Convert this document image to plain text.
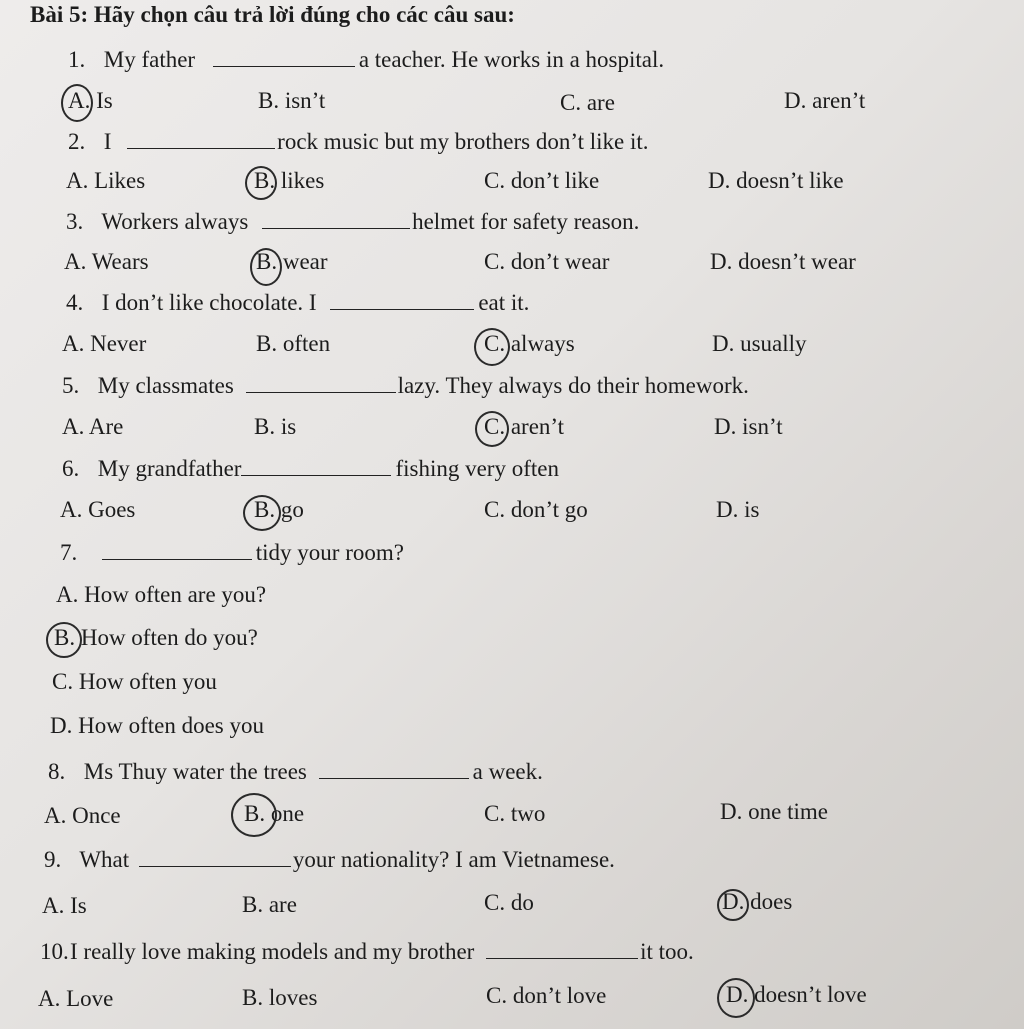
Bài 5: Hãy chọn câu trả lời đúng cho các câu sau:
1. My father	a teacher. He works in a hospital.
A. Is	B. isn’t	C. are	D. aren’t
2. I	rock music but my brothers don’t like it.
A. Likes	B. likes	C. don’t like	D. doesn’t like
3. Workers always	helmet for safety reason.
A. Wears	B. wear	C. don’t wear	D. doesn’t wear
4. I don’t like chocolate. I	eat it.
A. Never	B. often	C. always	D. usually
5. My classmates	lazy. They always do their homework.
A. Are	B. is	C. aren’t	D. isn’t
6. My grandfather	fishing very often
A. Goes	B. go	C. don’t go	D. is
7.	tidy your room?
A. How often are you?
B. How often do you?
C. How often you
D. How often does you
8. Ms Thuy water the trees	a week.
A. Once	B. one	C. two	D. one time
9. What	your nationality? I am Vietnamese.
A. Is	B. are	C. do	D. does
10.I really love making models and my brother	it too.
A. Love	B. loves	C. don’t love	D. doesn’t love
